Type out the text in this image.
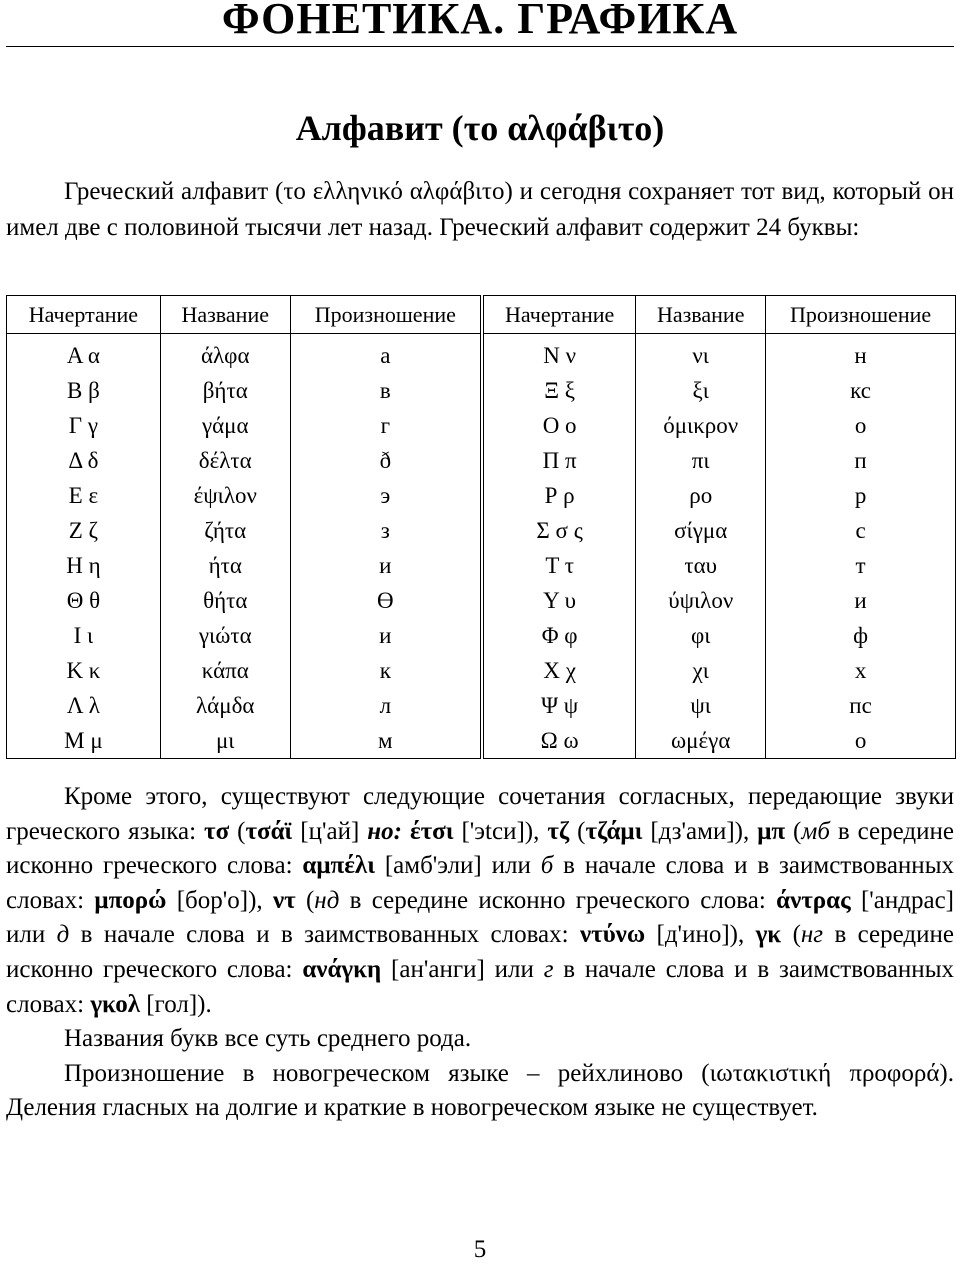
ФОНЕТИКА. ГРАФИКА
Алфавит (το αλφάβιτο)

Греческий алфавит (το ελληνικό αλφάβιτο) и сегодня сохраняет тот вид, который он имел две с половиной тысячи лет назад. Греческий алфавит содержит 24 буквы:

Начертание	Название	Произношение	Начертание	Название	Произношение

Α α	άλφα	а	Ν ν	νι	н
Β β	βήτα	в	Ξ ξ	ξι	кс
Γ γ	γάμα	г	Ο ο	όμικρον	о
Δ δ	δέλτα	ð	Π π	πι	п
Ε ε	έψιλον	э	Ρ ρ	ρο	р
Ζ ζ	ζήτα	з	Σ σ ς	σίγμα	с
Η η	ήτα	и	Τ τ	ταυ	т
Θ θ	θήτα	Ө	Υ υ	ύψιλον	и
Ι ι	γιώτα	и	Φ φ	φι	ф
Κ κ	κάπα	к	Χ χ	χι	х
Λ λ	λάμδα	л	Ψ ψ	ψι	пс
Μ μ	μι	м	Ω ω	ωμέγα	о

Кроме этого, существуют следующие сочетания согласных, передающие звуки греческого языка: τσ (τσάϊ [ц'ай] но: έτσι ['эtси]), τζ (τζάμι [дз'ами]), μπ (мб в середине исконно греческого слова: αμπέλι [амб'эли] или б в начале слова и в заимствованных словах: μπορώ [бор'о]), ντ (нд в середине исконно греческого слова: άντρας ['андрас] или д в начале слова и в заимствованных словах: ντύνω [д'ино]), γκ (нг в середине исконно греческого слова: ανάγκη [ан'анги] или г в начале слова и в заимствованных словах: γκολ [гол]).

Названия букв все суть среднего рода.

Произношение в новогреческом языке – рейхлиново (ιωτακιστική προφορά). Деления гласных на долгие и краткие в новогреческом языке не существует.

5
